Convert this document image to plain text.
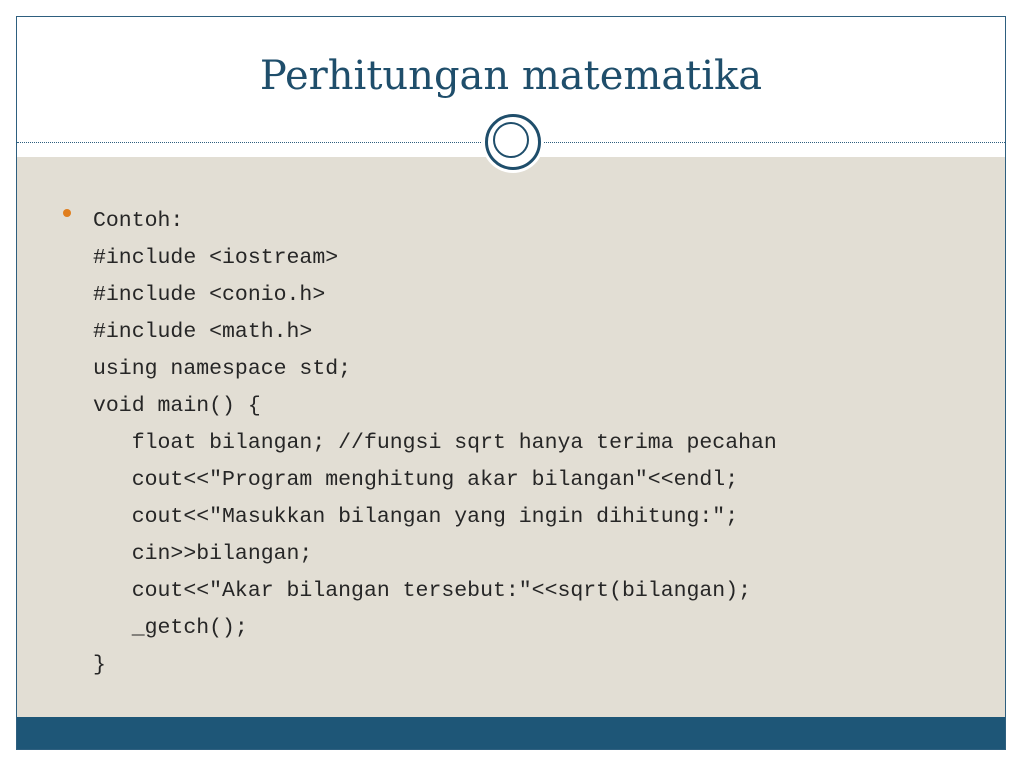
Perhitungan matematika
Contoh:
#include <iostream>
#include <conio.h>
#include <math.h>
using namespace std;
void main() {
float bilangan; //fungsi sqrt hanya terima pecahan
cout<<"Program menghitung akar bilangan"<<endl;
cout<<"Masukkan bilangan yang ingin dihitung:";
cin>>bilangan;
cout<<"Akar bilangan tersebut:"<<sqrt(bilangan);
_getch();
}
